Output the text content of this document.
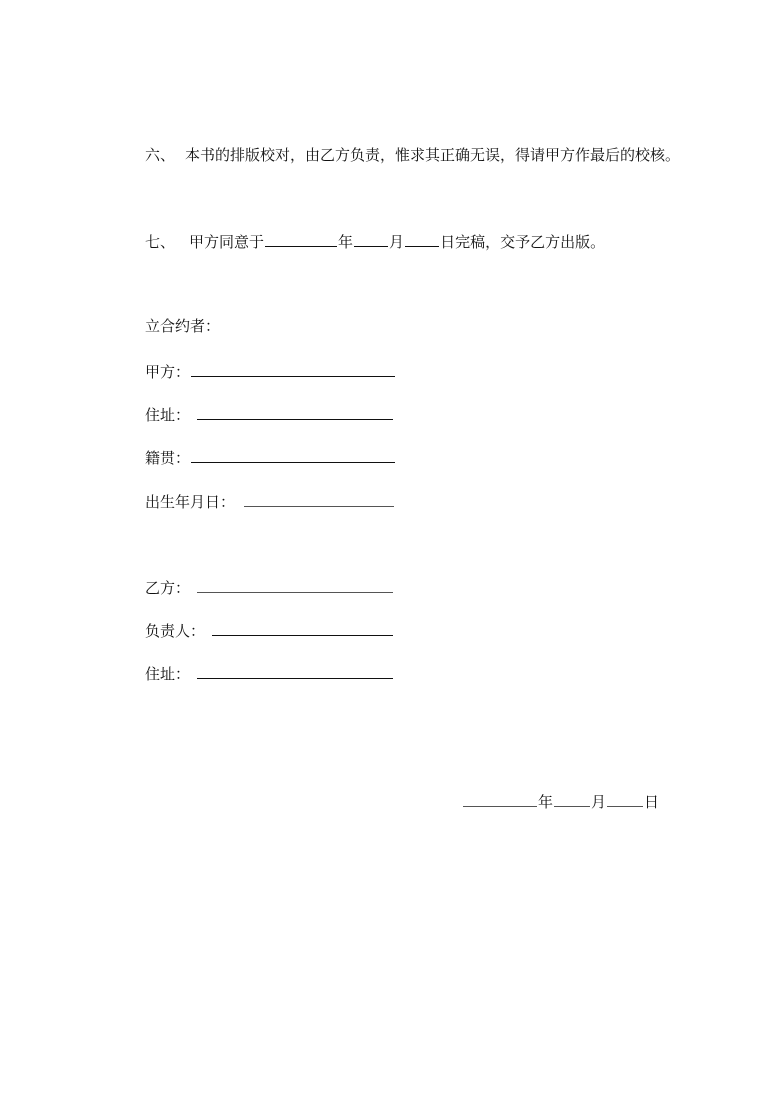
六、 本书的排版校对，由乙方负责，惟求其正确无误，得请甲方作最后的校核。
七、 甲方同意于	年 月 日完稿，交予乙方出版。
立合约者：
甲方：
住址：
籍贯：
出生年月日：
乙方：
负责人：
住址：
年	月	日
